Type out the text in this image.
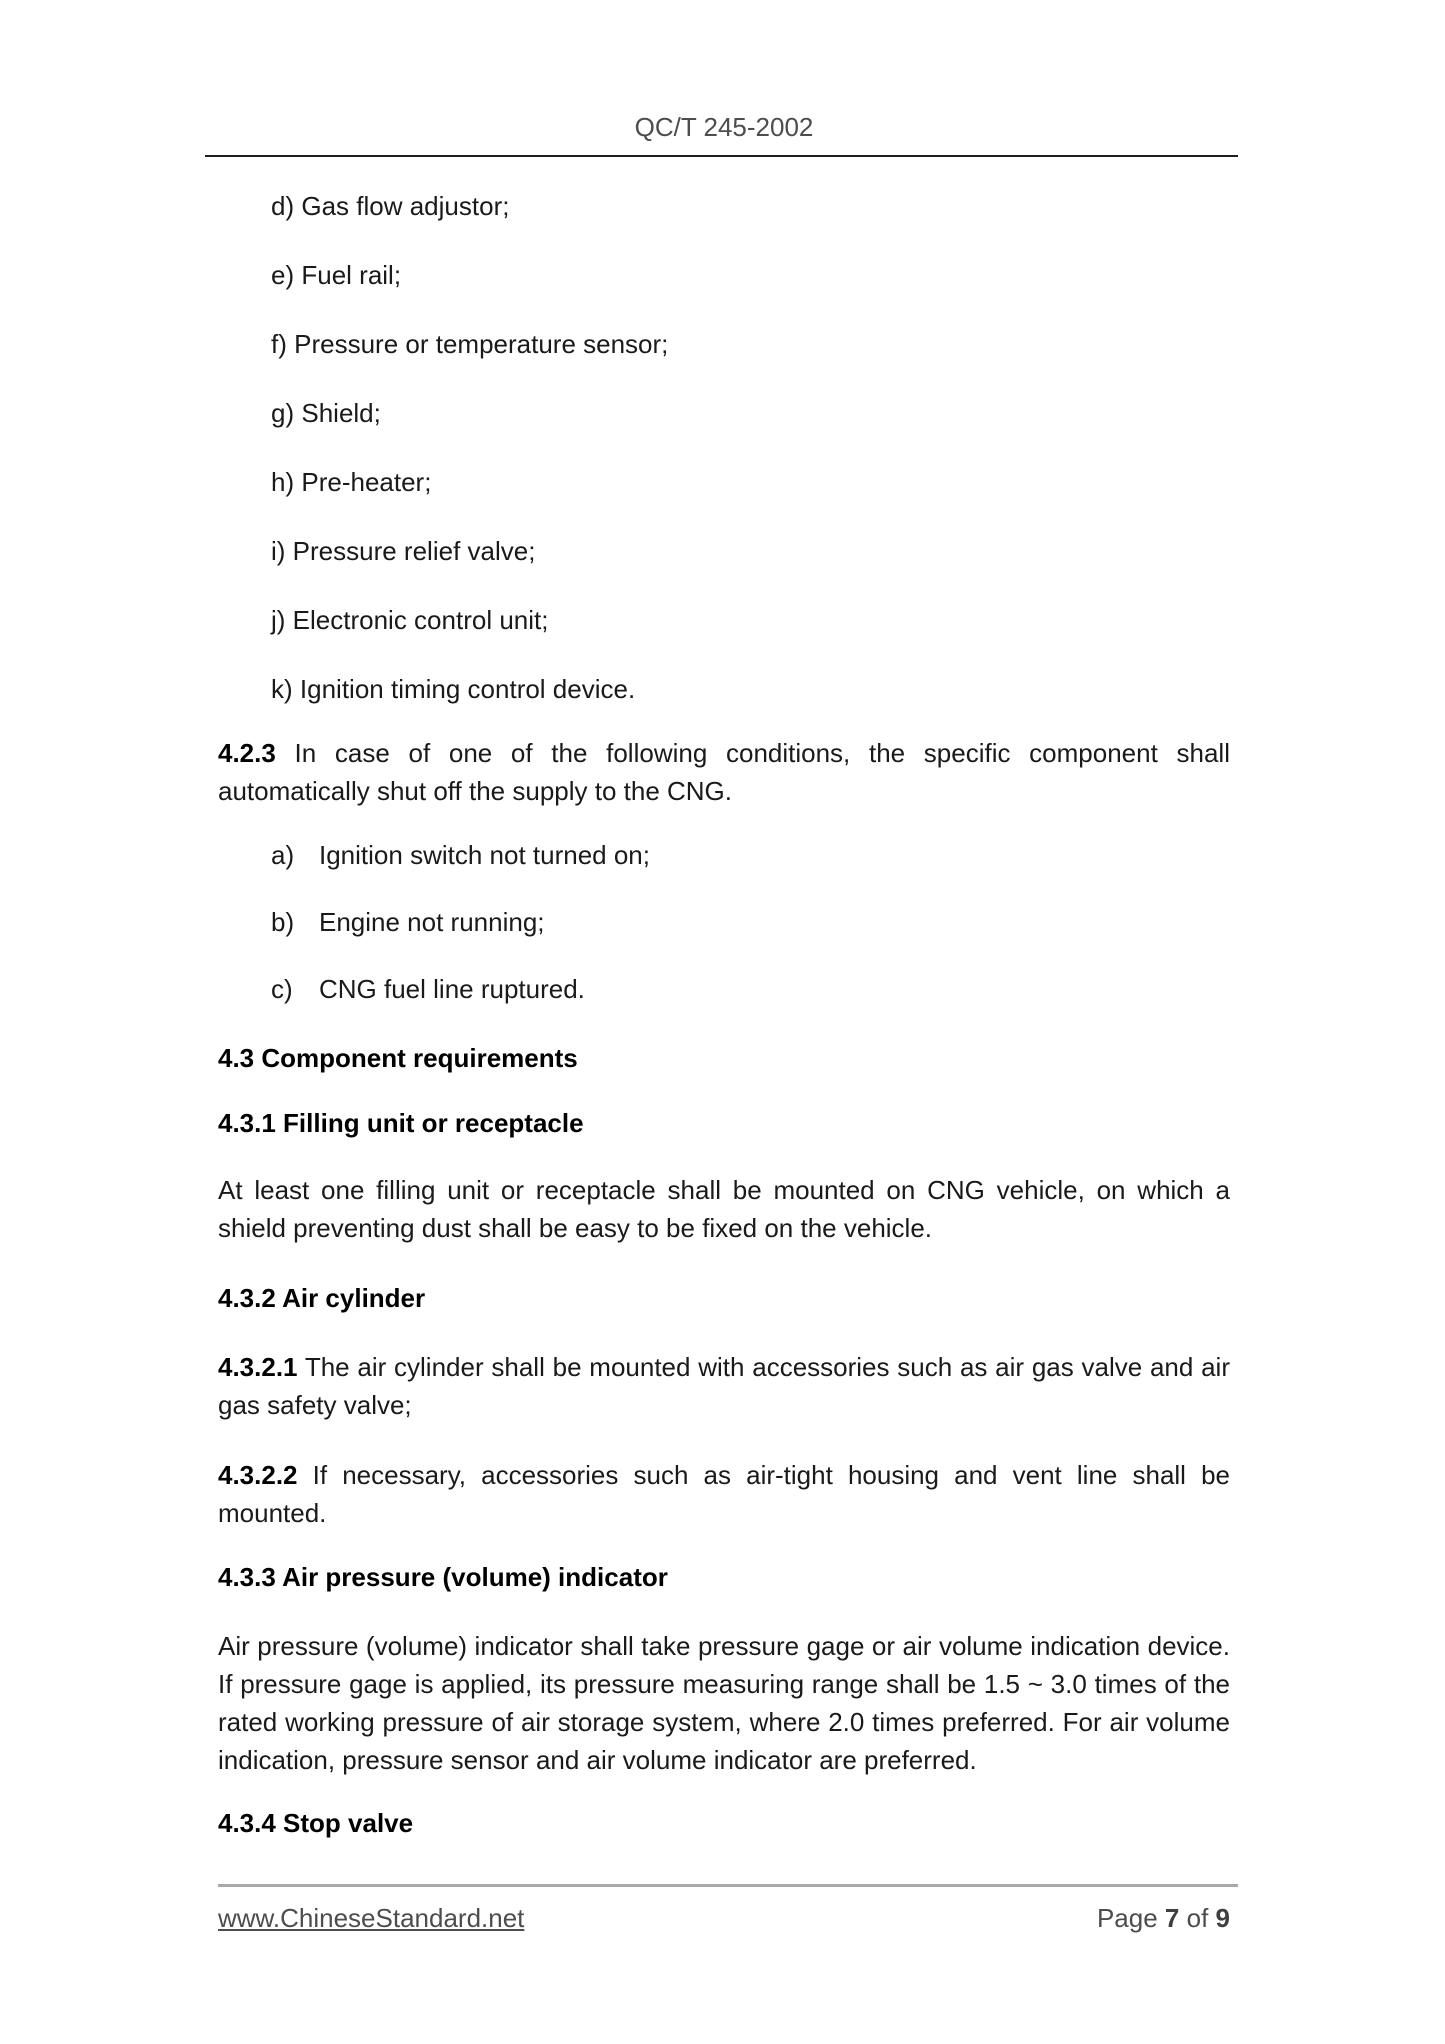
QC/T 245-2002
d) Gas flow adjustor;
e) Fuel rail;
f) Pressure or temperature sensor;
g) Shield;
h) Pre-heater;
i) Pressure relief valve;
j) Electronic control unit;
k) Ignition timing control device.
4.2.3 In case of one of the following conditions, the specific component shall automatically shut off the supply to the CNG.
a) Ignition switch not turned on;
b) Engine not running;
c) CNG fuel line ruptured.
4.3 Component requirements
4.3.1 Filling unit or receptacle
At least one filling unit or receptacle shall be mounted on CNG vehicle, on which a shield preventing dust shall be easy to be fixed on the vehicle.
4.3.2 Air cylinder
4.3.2.1 The air cylinder shall be mounted with accessories such as air gas valve and air gas safety valve;
4.3.2.2 If necessary, accessories such as air-tight housing and vent line shall be mounted.
4.3.3 Air pressure (volume) indicator
Air pressure (volume) indicator shall take pressure gage or air volume indication device. If pressure gage is applied, its pressure measuring range shall be 1.5 ~ 3.0 times of the rated working pressure of air storage system, where 2.0 times preferred. For air volume indication, pressure sensor and air volume indicator are preferred.
4.3.4 Stop valve
www.ChineseStandard.net	Page 7 of 9
